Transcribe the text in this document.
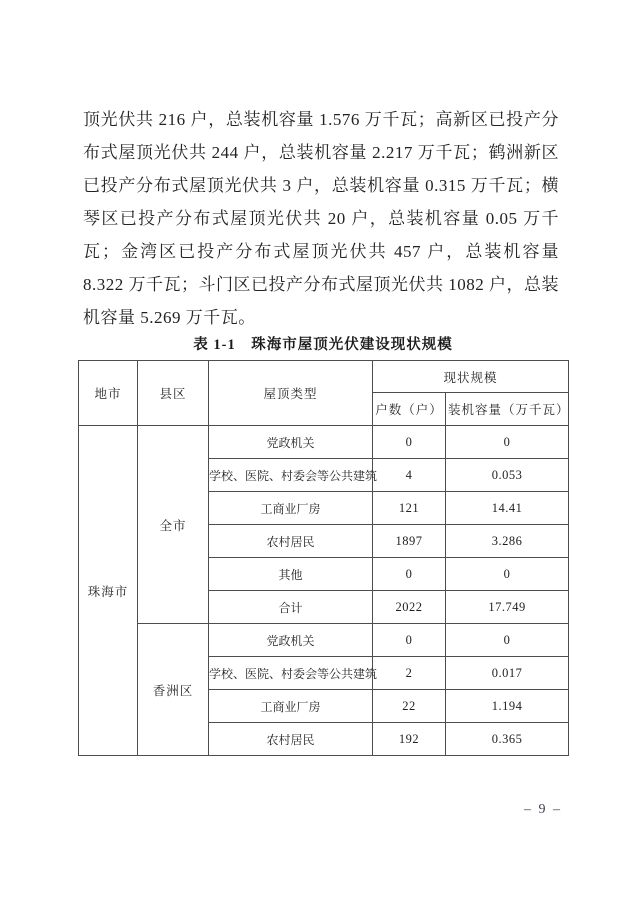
顶光伏共 216 户，总装机容量 1.576 万千瓦；高新区已投产分布式屋顶光伏共 244 户，总装机容量 2.217 万千瓦；鹤洲新区已投产分布式屋顶光伏共 3 户，总装机容量 0.315 万千瓦；横琴区已投产分布式屋顶光伏共 20 户，总装机容量 0.05 万千瓦；金湾区已投产分布式屋顶光伏共 457 户，总装机容量 8.322 万千瓦；斗门区已投产分布式屋顶光伏共 1082 户，总装机容量 5.269 万千瓦。

表 1-1　珠海市屋顶光伏建设现状规模
地市	县区	屋顶类型	现状规模	
			户数（户）	装机容量（万千瓦）
珠海市	全市	党政机关	0	0
		学校、医院、村委会等公共建筑	4	0.053
		工商业厂房	121	14.41
		农村居民	1897	3.286
		其他	0	0
		合计	2022	17.749
	香洲区	党政机关	0	0
		学校、医院、村委会等公共建筑	2	0.017
		工商业厂房	22	1.194
		农村居民	192	0.365
– 9 –
